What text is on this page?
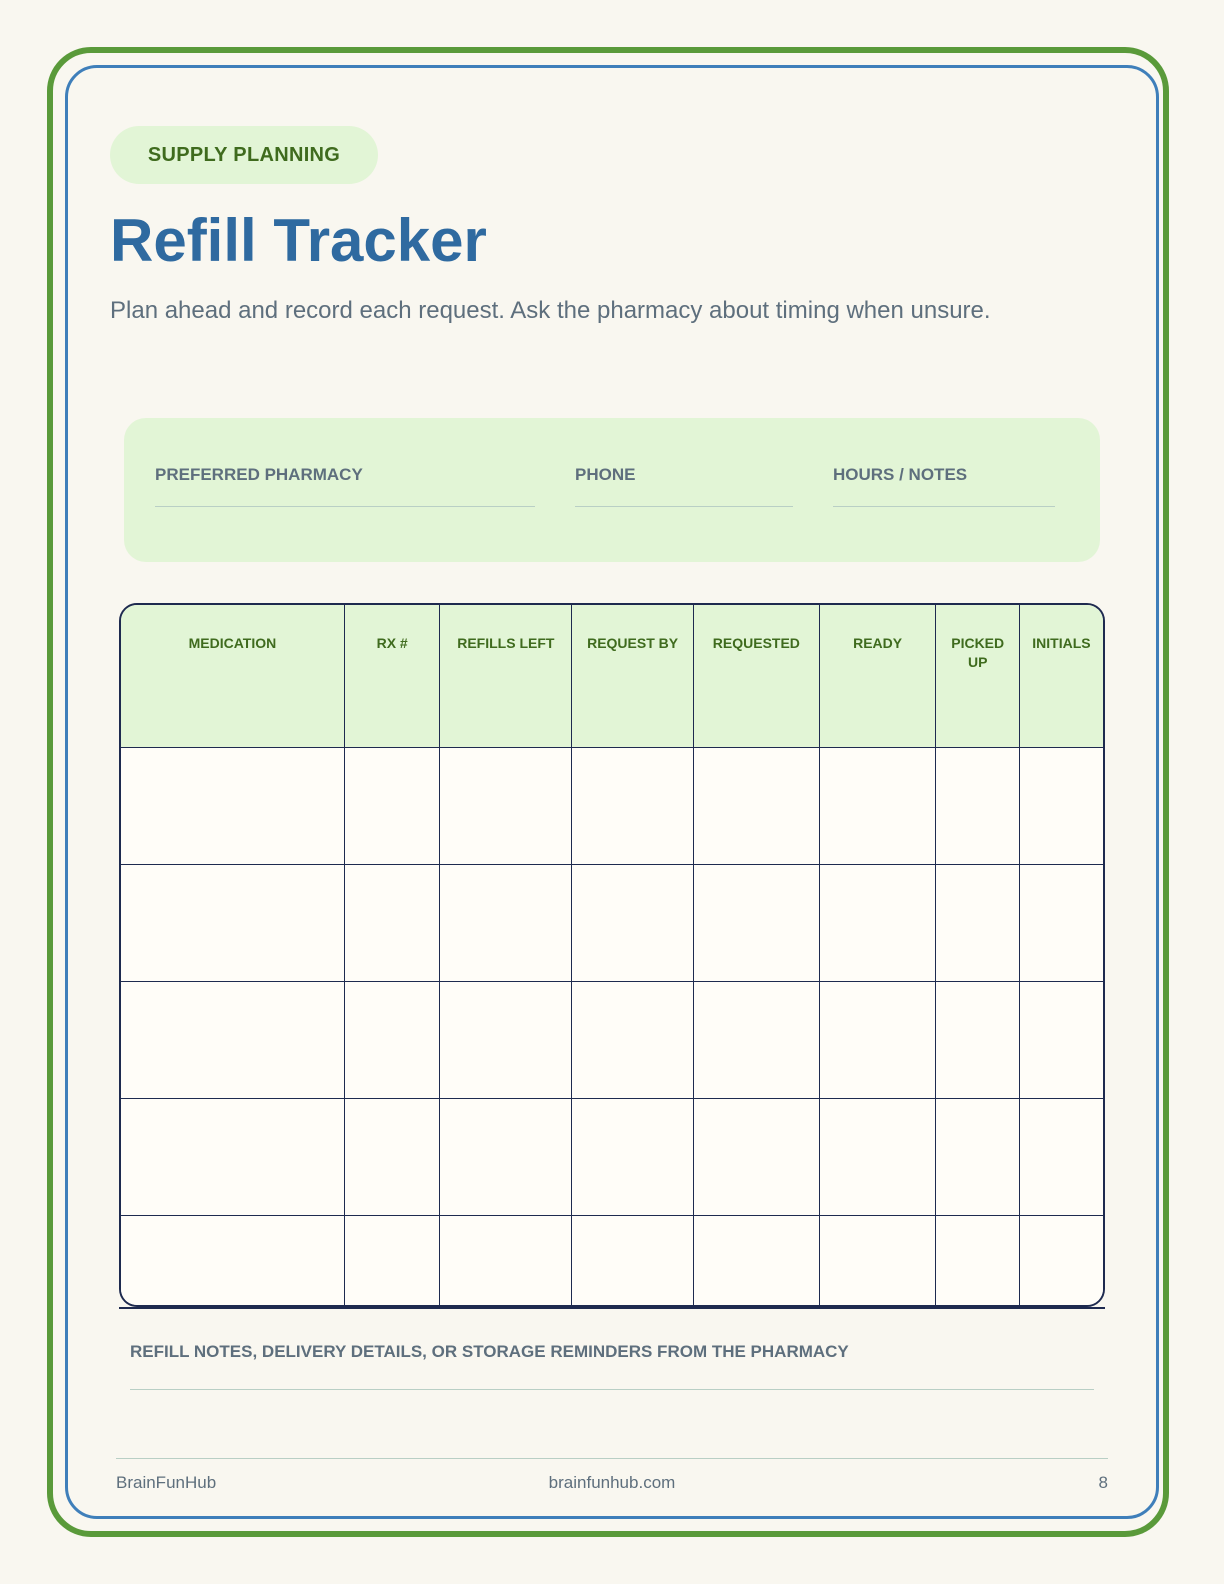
SUPPLY PLANNING
Refill Tracker

Plan ahead and record each request. Ask the pharmacy about timing when unsure.

PREFERRED PHARMACY	PHONE	HOURS / NOTES
MEDICATION	RX #	REFILLS LEFT	REQUEST BY	REQUESTED	READY	PICKED UP	INITIALS

REFILL NOTES, DELIVERY DETAILS, OR STORAGE REMINDERS FROM THE PHARMACY
BrainFunHub	brainfunhub.com	8
